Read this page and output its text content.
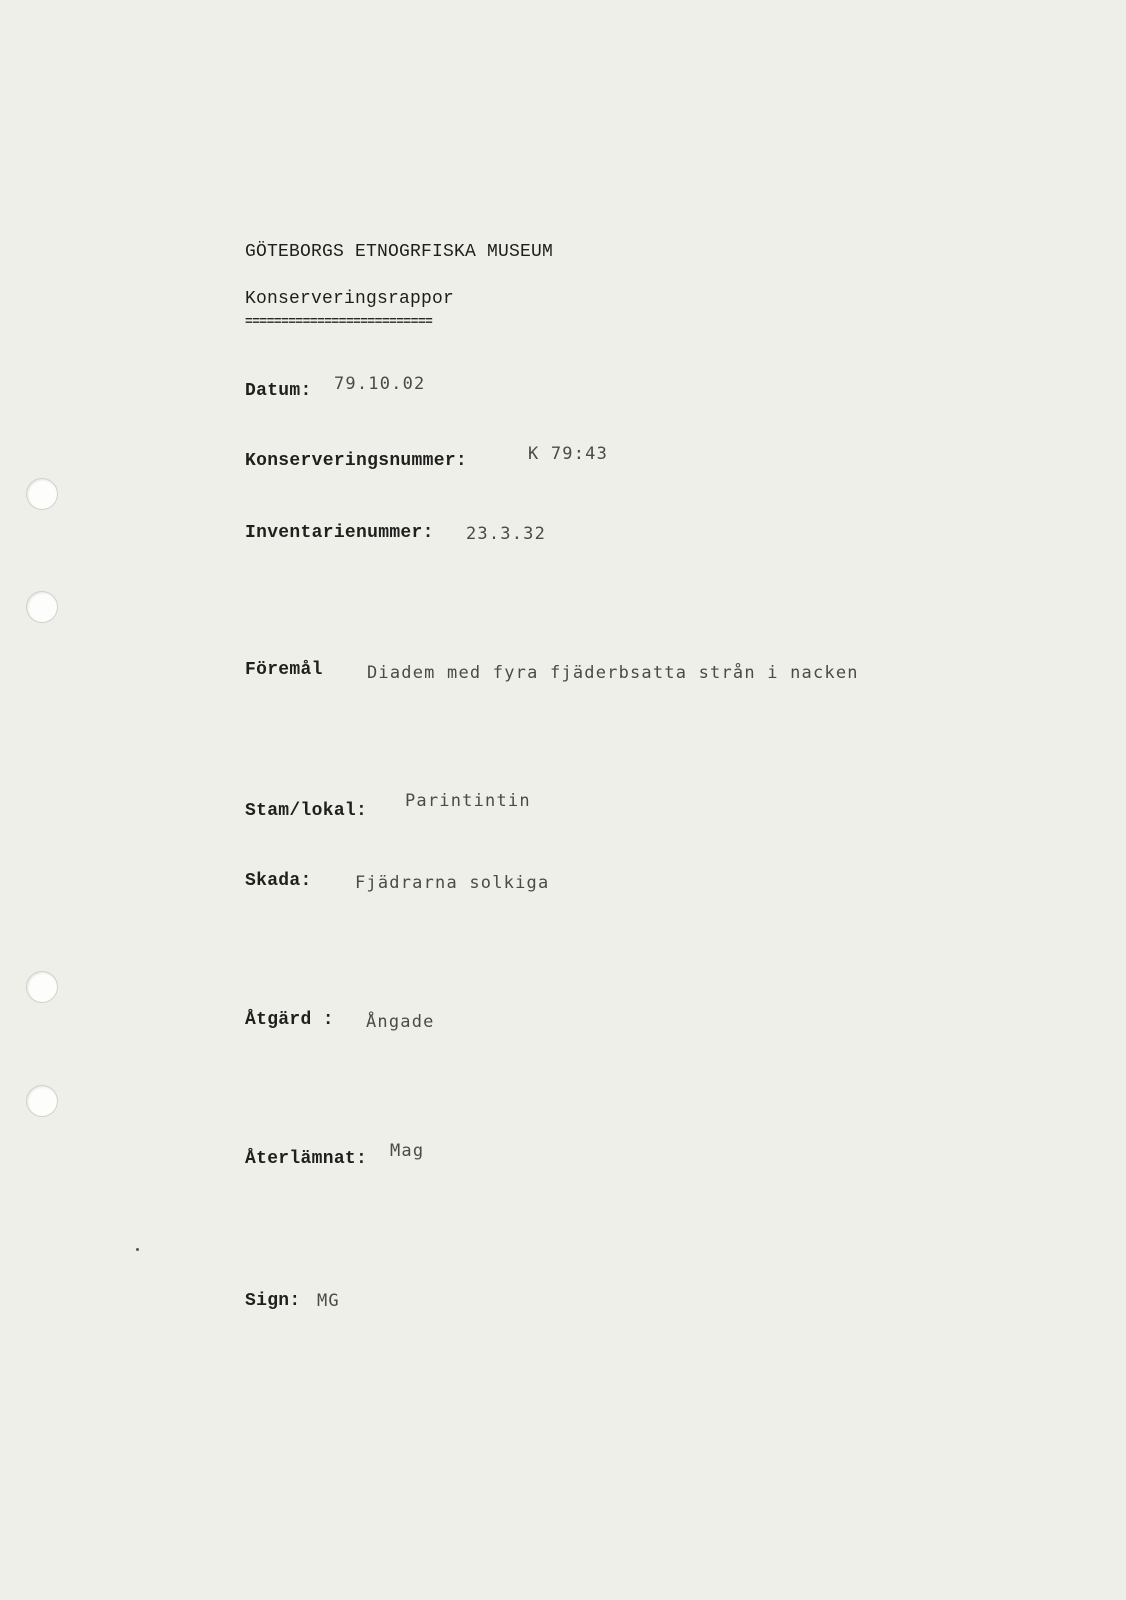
GÖTEBORGS ETNOGRFISKA MUSEUM
Konserveringsrappor
==========================
Datum: 79.10.02
Konserveringsnummer:	K 79:43
Inventarienummer: 23.3.32
Föremål	Diadem med fyra fjäderbsatta strån i nacken
Stam/lokal: Parintintin
Skada:	Fjädrarna solkiga
Åtgärd : Ångade
Återlämnat: Mag
Sign: MG
